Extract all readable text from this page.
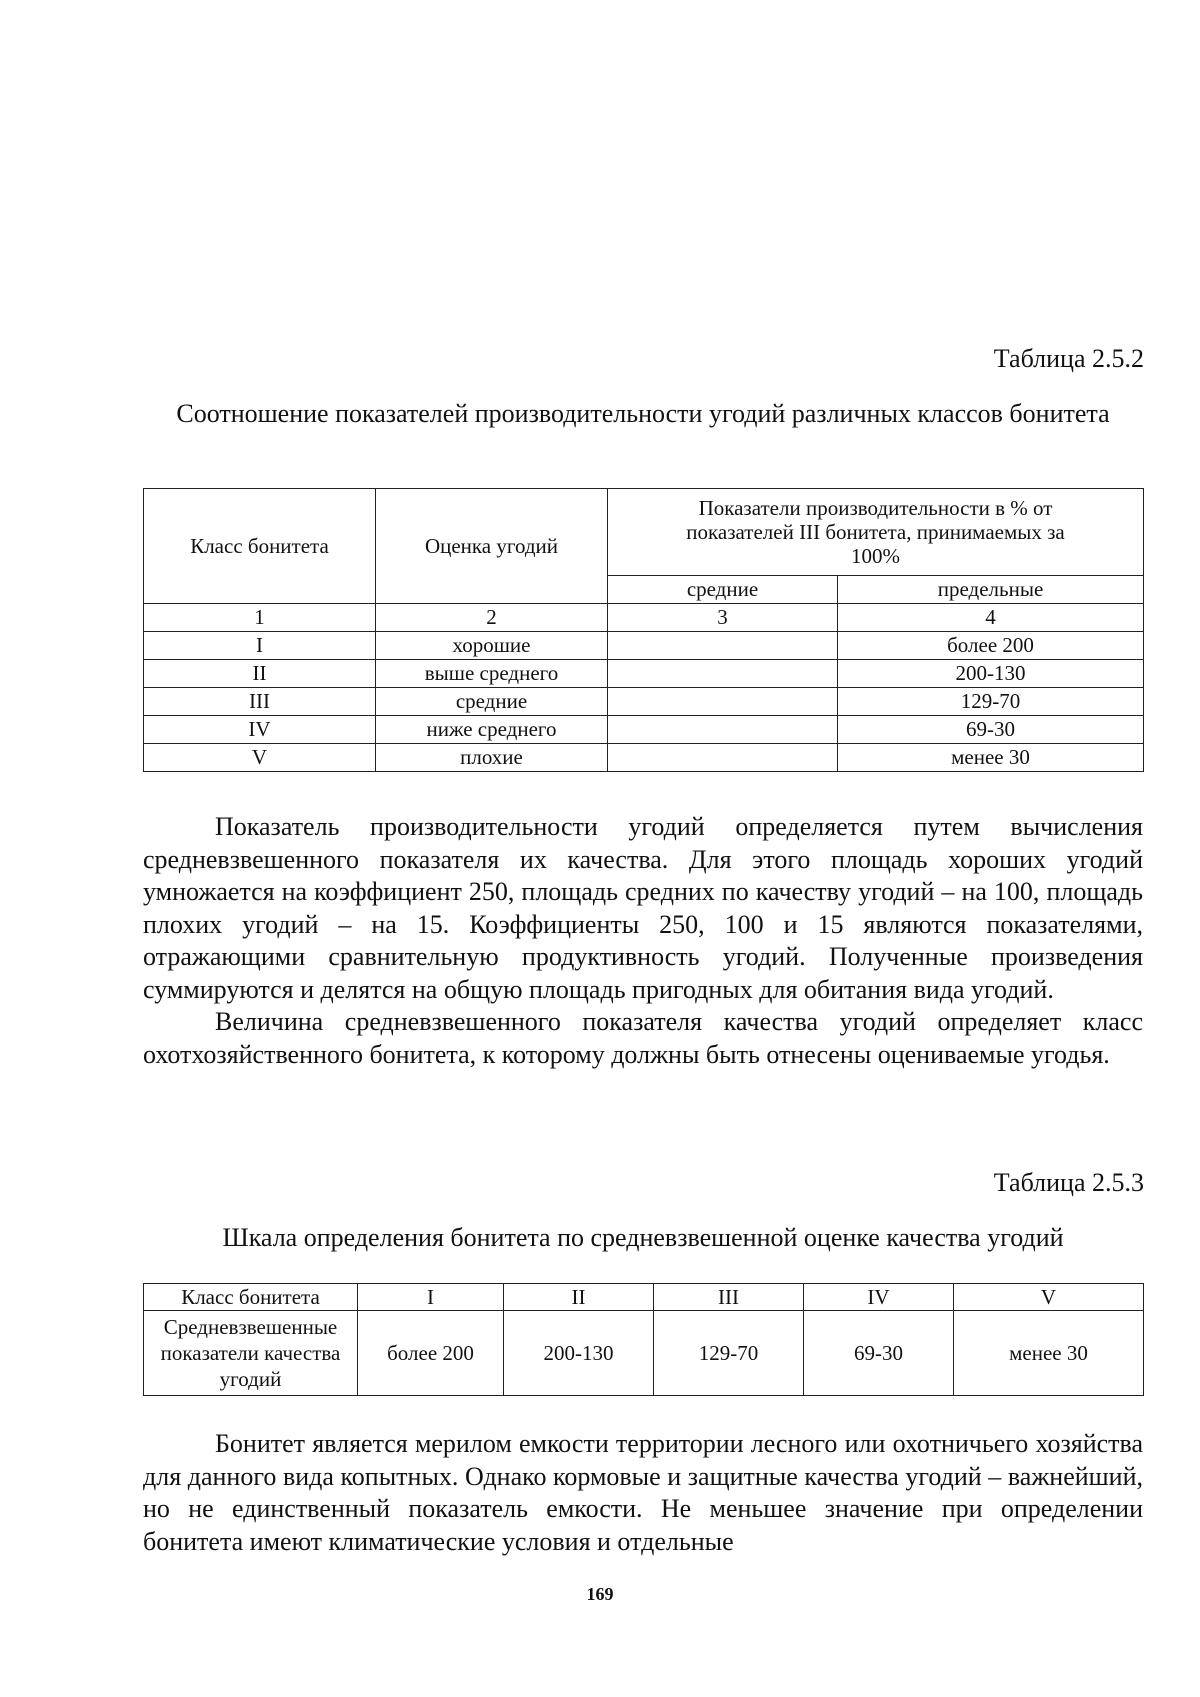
Таблица 2.5.2
Соотношение показателей производительности угодий различных классов бонитета
Класс бонитета	Оценка угодий	Показатели производительности в % от показателей III бонитета, принимаемых за 100%	
		средние	предельные
1	2	3	4
I	хорошие		более 200
II	выше среднего		200-130
III	средние		129-70
IV	ниже среднего		69-30
V	плохие		менее 30

Показатель производительности угодий определяется путем вычисления средневзвешенного показателя их качества. Для этого площадь хороших угодий умножается на коэффициент 250, площадь средних по качеству угодий – на 100, площадь плохих угодий – на 15. Коэффициенты 250, 100 и 15 являются показателями, отражающими сравнительную продуктивность угодий. Полученные произведения суммируются и делятся на общую площадь пригодных для обитания вида угодий.

Величина средневзвешенного показателя качества угодий определяет класс охотхозяйственного бонитета, к которому должны быть отнесены оцениваемые угодья.

Таблица 2.5.3
Шкала определения бонитета по средневзвешенной оценке качества угодий
Класс бонитета	I	II	III	IV	V
Средневзвешенные показатели качества угодий	более 200	200-130	129-70	69-30	менее 30

Бонитет является мерилом емкости территории лесного или охотничьего хозяйства для данного вида копытных. Однако кормовые и защитные качества угодий – важнейший, но не единственный показатель емкости. Не меньшее значение при определении бонитета имеют климатические условия и отдельные

169
